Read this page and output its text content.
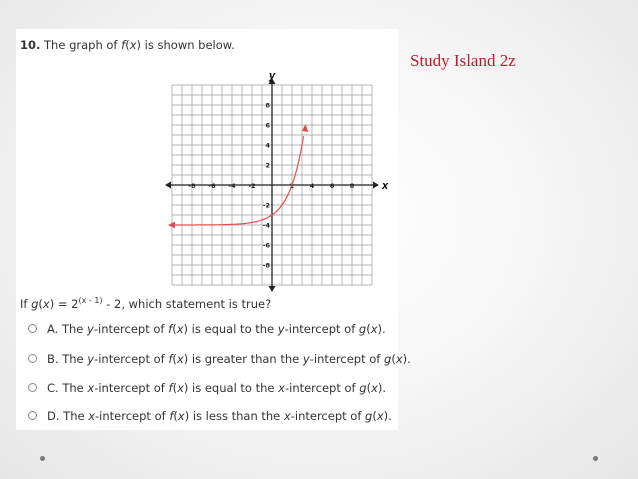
Study Island 2z
10. The graph of f(x) is shown below.
x
y
-8 -6 -4 -2	2 4 6 8
8
6
4
2
-2
-4
-6
-8
If $g(x) = 2^{(x - 1)} - 2$, which statement is true?
A. The y-intercept of f(x) is equal to the y-intercept of g(x).
B. The y-intercept of f(x) is greater than the y-intercept of g(x).
C. The x-intercept of f(x) is equal to the x-intercept of g(x).
D. The x-intercept of f(x) is less than the x-intercept of g(x).
